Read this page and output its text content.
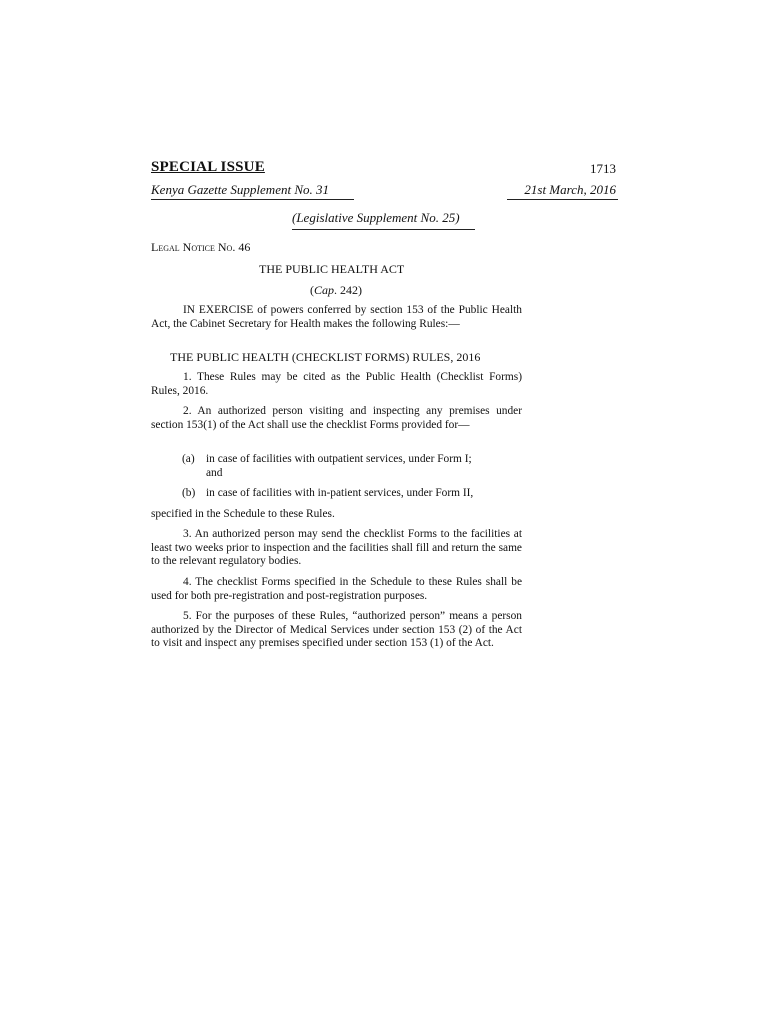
SPECIAL ISSUE	1713
Kenya Gazette Supplement No. 31	21st March, 2016
(Legislative Supplement No. 25)
Legal Notice No. 46
THE PUBLIC HEALTH ACT
(Cap. 242)
IN EXERCISE of powers conferred by section 153 of the Public Health Act, the Cabinet Secretary for Health makes the following Rules:—
THE PUBLIC HEALTH (CHECKLIST FORMS) RULES, 2016
1. These Rules may be cited as the Public Health (Checklist Forms) Rules, 2016.
2. An authorized person visiting and inspecting any premises under section 153(1) of the Act shall use the checklist Forms provided for—
(a) in case of facilities with outpatient services, under Form I;
and
(b) in case of facilities with in-patient services, under Form II,
specified in the Schedule to these Rules.
3. An authorized person may send the checklist Forms to the facilities at least two weeks prior to inspection and the facilities shall fill and return the same to the relevant regulatory bodies.
4. The checklist Forms specified in the Schedule to these Rules shall be used for both pre-registration and post-registration purposes.
5. For the purposes of these Rules, “authorized person” means a person authorized by the Director of Medical Services under section 153 (2) of the Act to visit and inspect any premises specified under section 153 (1) of the Act.
